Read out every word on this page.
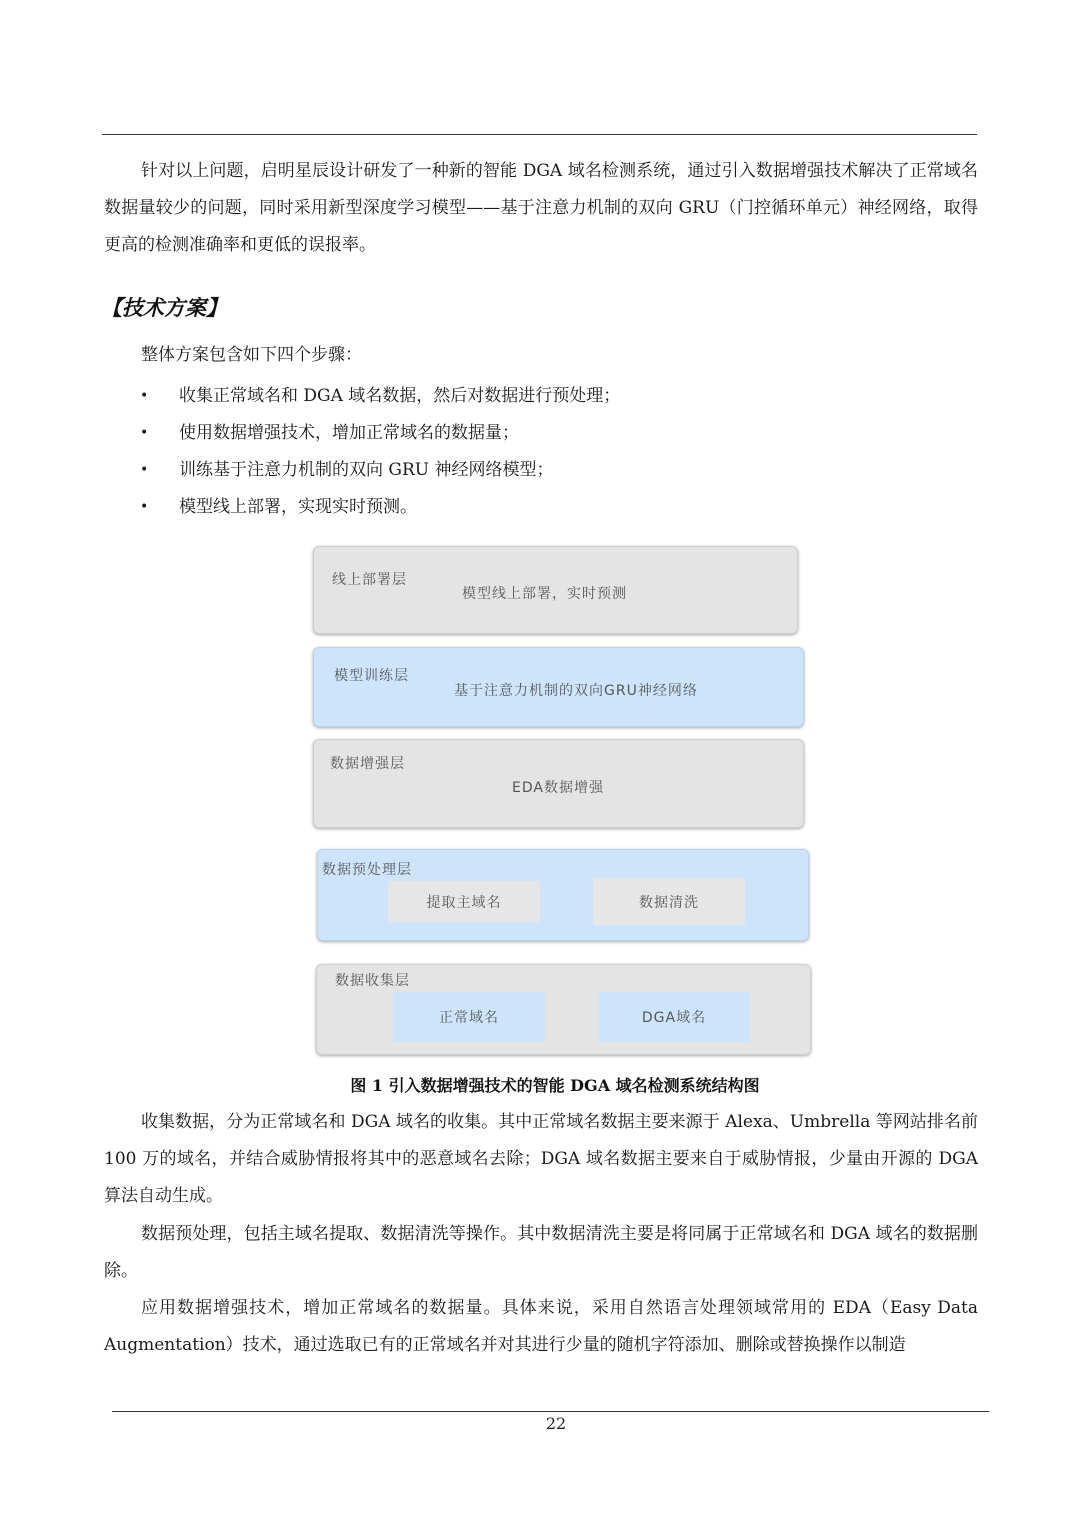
针对以上问题，启明星辰设计研发了一种新的智能 DGA 域名检测系统，通过引入数据增强技术解决了正常域名数据量较少的问题，同时采用新型深度学习模型——基于注意力机制的双向 GRU（门控循环单元）神经网络，取得更高的检测准确率和更低的误报率。

【技术方案】
整体方案包含如下四个步骤：
• 收集正常域名和 DGA 域名数据，然后对数据进行预处理；
• 使用数据增强技术，增加正常域名的数据量；
• 训练基于注意力机制的双向 GRU 神经网络模型；
• 模型线上部署，实现实时预测。
线上部署层
模型线上部署，实时预测
模型训练层
基于注意力机制的双向GRU神经网络
数据增强层
EDA数据增强
数据预处理层
提取主域名	数据清洗
数据收集层
正常域名	DGA域名
图 1 引入数据增强技术的智能 DGA 域名检测系统结构图

收集数据，分为正常域名和 DGA 域名的收集。其中正常域名数据主要来源于 Alexa、Umbrella 等网站排名前 100 万的域名，并结合威胁情报将其中的恶意域名去除；DGA 域名数据主要来自于威胁情报，少量由开源的 DGA 算法自动生成。

数据预处理，包括主域名提取、数据清洗等操作。其中数据清洗主要是将同属于正常域名和 DGA 域名的数据删除。

应用数据增强技术，增加正常域名的数据量。具体来说，采用自然语言处理领域常用的 EDA（Easy Data Augmentation）技术，通过选取已有的正常域名并对其进行少量的随机字符添加、删除或替换操作以制造

22
